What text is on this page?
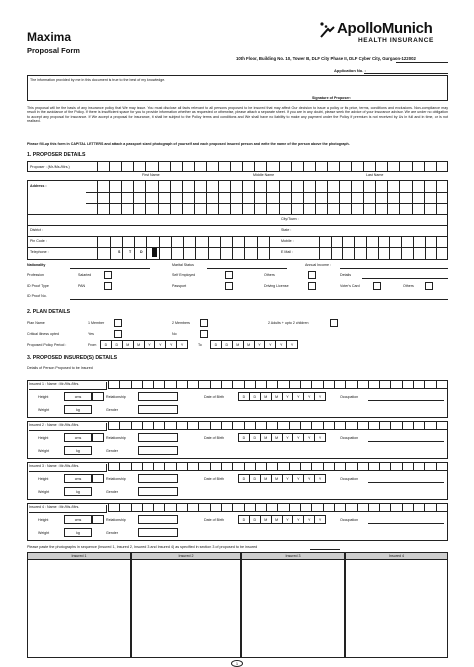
Maxima
Proposal Form
ApolloMunich
HEALTH INSURANCE
10th Floor, Building No. 10, Tower B, DLF City Phase II, DLF Cyber City, Gurgaon-122002
Application No. :
The information provided by me in this document is true to the best of my knowledge.
Signature of Proposer:
This proposal will be the basis of any insurance policy that We may issue. You must disclose all facts relevant to all persons proposed to be insured that may affect Our decision to issue a policy or its price, terms, conditions and exclusions. Non-compliance may result in the avoidance of the Policy. If there is insufficient space for you to provide information whether as requested or otherwise, please attach a separate sheet. If you are in any doubt, please seek the advice of your insurance advisor. We are under no obligation to accept any proposal for insurance. If We accept a proposal for insurance, it shall be subject to the Policy terms and conditions and We shall have no liability to make any payment under the Policy if premium is not received by Us in full and in time, or is not realised.
Please fill-up this form in CAPITAL LETTERS and attach a passport sized photograph of yourself and each proposed insured person and write the name of the person above the photograph.
1. PROPOSER DETAILS
Proposer : (Mr./Ms./Mrs.)
First Name	Middle Name	Last Name
Address :
City/Town :
District :	State :
Pin Code :	Mobile :
Telephone :	S T D	E Mail :
Nationality	Marital Status	Annual Income :
Profession	Salaried	Self Employed	Others	Details
ID Proof Type	PAN	Passport	Driving License	Voter's Card	Others
ID Proof No.
2. PLAN DETAILS
Plan Name	1 Member	2 Members	2 Adults + upto 2 children
Critical illness opted	Yes	No
Proposed Policy Period :	From	D	D	M	M	Y	Y	Y	Y	To	D	D	M	M	Y	Y	Y	Y
3. PROPOSED INSURED(S) DETAILS
Details of Person Proposed to be Insured
Insured 1 : Name : Mr./Ms./Mrs.
Height	cms	Relationship	Date of Birth	D	D	M	M	Y	Y	Y	Y	Occupation
Weight	kg	Gender
Insured 2 : Name : Mr./Ms./Mrs.
Height	cms	Relationship	Date of Birth	D	D	M	M	Y	Y	Y	Y	Occupation
Weight	kg	Gender
Insured 3 : Name : Mr./Ms./Mrs.
Height	cms	Relationship	Date of Birth	D	D	M	M	Y	Y	Y	Y	Occupation
Weight	kg	Gender
Insured 4 : Name : Mr./Ms./Mrs.
Height	cms	Relationship	Date of Birth	D	D	M	M	Y	Y	Y	Y	Occupation
Weight	kg	Gender
Please paste the photographs in sequence (Insured 1, Insured 2, Insured 3 and Insured 4) as specified in section 3 of proposed to be insured
Insured 1	Insured 2	Insured 3	Insured 4
1
